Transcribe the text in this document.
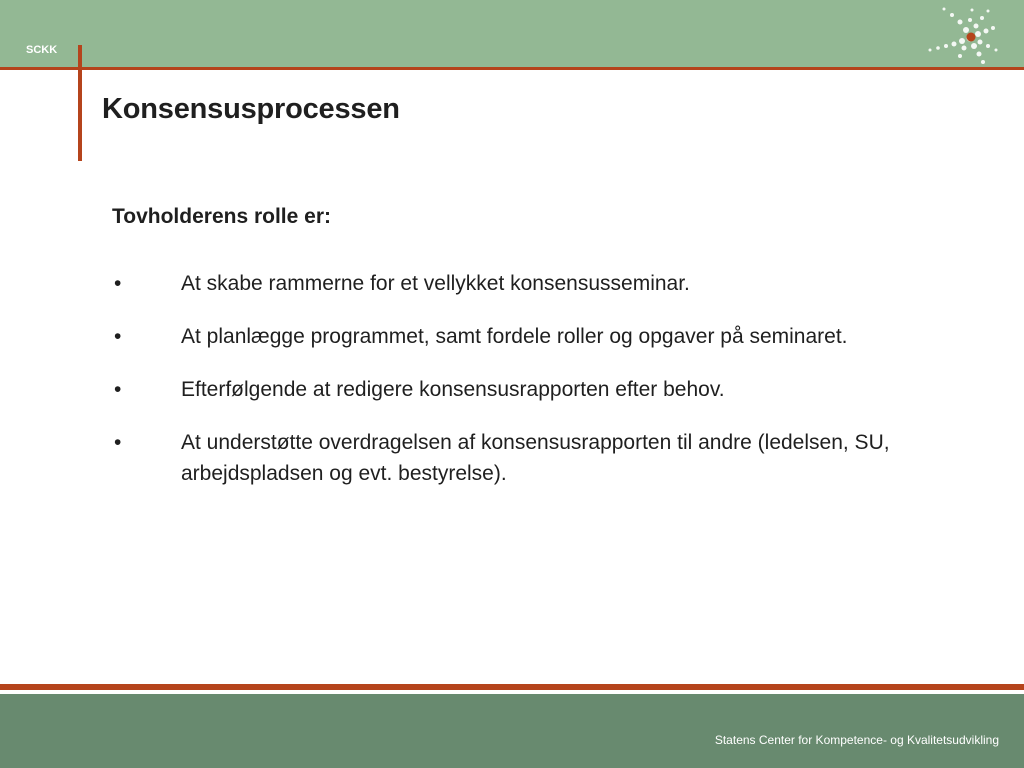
SCKK
Konsensusprocessen
Tovholderens rolle er:
•	At skabe rammerne for et vellykket konsensusseminar.
•	At planlægge programmet, samt fordele roller og opgaver på seminaret.
•	Efterfølgende at redigere konsensusrapporten efter behov.
•	At understøtte overdragelsen af konsensusrapporten til andre (ledelsen, SU, arbejdspladsen og evt. bestyrelse).
Statens Center for Kompetence- og Kvalitetsudvikling
